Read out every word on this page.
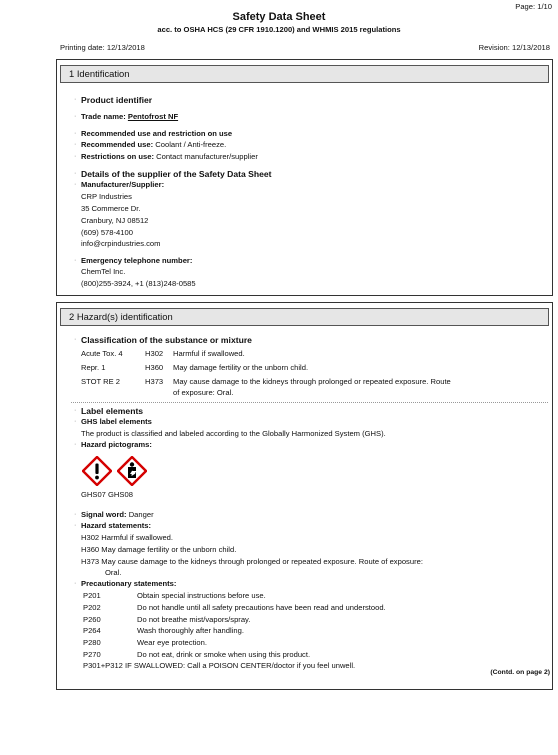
Page: 1/10
Safety Data Sheet
acc. to OSHA HCS (29 CFR 1910.1200) and WHMIS 2015 regulations
Printing date: 12/13/2018	Revision: 12/13/2018
1 Identification
· Product identifier
· Trade name: Pentofrost NF
· Recommended use and restriction on use
· Recommended use: Coolant / Anti-freeze.
· Restrictions on use: Contact manufacturer/supplier
· Details of the supplier of the Safety Data Sheet
· Manufacturer/Supplier:
CRP Industries
35 Commerce Dr.
Cranbury, NJ 08512
(609) 578-4100
info@crpindustries.com
· Emergency telephone number:
ChemTel Inc.
(800)255-3924, +1 (813)248-0585
2 Hazard(s) identification
· Classification of the substance or mixture
Acute Tox. 4	H302 Harmful if swallowed.
Repr. 1	H360 May damage fertility or the unborn child.
STOT RE 2	H373 May cause damage to the kidneys through prolonged or repeated exposure. Route
of exposure: Oral.
· Label elements
· GHS label elements
The product is classified and labeled according to the Globally Harmonized System (GHS).
· Hazard pictograms:
GHS07 GHS08
· Signal word: Danger
· Hazard statements:
H302 Harmful if swallowed.
H360 May damage fertility or the unborn child.
H373 May cause damage to the kidneys through prolonged or repeated exposure. Route of exposure:
Oral.
· Precautionary statements:
P201	Obtain special instructions before use.
P202	Do not handle until all safety precautions have been read and understood.
P260	Do not breathe mist/vapors/spray.
P264	Wash thoroughly after handling.
P280	Wear eye protection.
P270	Do not eat, drink or smoke when using this product.
P301+P312 IF SWALLOWED: Call a POISON CENTER/doctor if you feel unwell.
(Contd. on page 2)
